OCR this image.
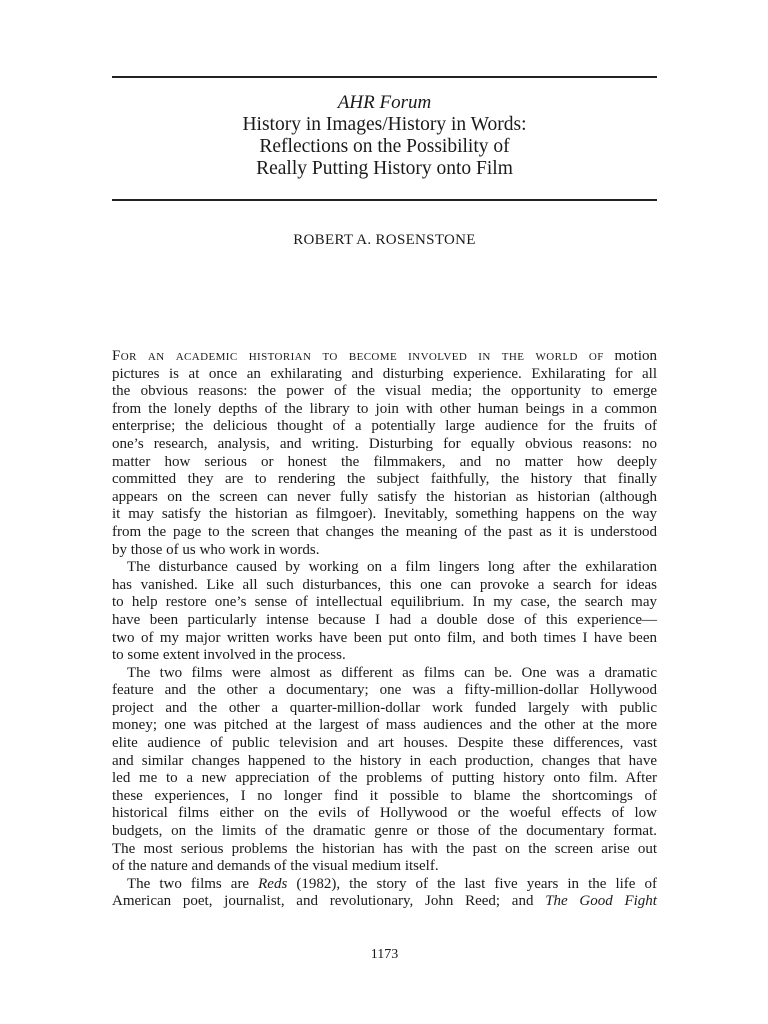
AHR Forum
History in Images/History in Words:
Reflections on the Possibility of
Really Putting History onto Film
ROBERT A. ROSENSTONE
For an academic historian to become involved in the world of motion
pictures is at once an exhilarating and disturbing experience. Exhilarating for all
the obvious reasons: the power of the visual media; the opportunity to emerge
from the lonely depths of the library to join with other human beings in a common
enterprise; the delicious thought of a potentially large audience for the fruits of
one’s research, analysis, and writing. Disturbing for equally obvious reasons: no
matter how serious or honest the filmmakers, and no matter how deeply
committed they are to rendering the subject faithfully, the history that finally
appears on the screen can never fully satisfy the historian as historian (although
it may satisfy the historian as filmgoer). Inevitably, something happens on the way
from the page to the screen that changes the meaning of the past as it is understood
by those of us who work in words.
The disturbance caused by working on a film lingers long after the exhilaration
has vanished. Like all such disturbances, this one can provoke a search for ideas
to help restore one’s sense of intellectual equilibrium. In my case, the search may
have been particularly intense because I had a double dose of this experience—
two of my major written works have been put onto film, and both times I have been
to some extent involved in the process.
The two films were almost as different as films can be. One was a dramatic
feature and the other a documentary; one was a fifty-million-dollar Hollywood
project and the other a quarter-million-dollar work funded largely with public
money; one was pitched at the largest of mass audiences and the other at the more
elite audience of public television and art houses. Despite these differences, vast
and similar changes happened to the history in each production, changes that have
led me to a new appreciation of the problems of putting history onto film. After
these experiences, I no longer find it possible to blame the shortcomings of
historical films either on the evils of Hollywood or the woeful effects of low
budgets, on the limits of the dramatic genre or those of the documentary format.
The most serious problems the historian has with the past on the screen arise out
of the nature and demands of the visual medium itself.
The two films are Reds (1982), the story of the last five years in the life of
American poet, journalist, and revolutionary, John Reed; and The Good Fight
1173
